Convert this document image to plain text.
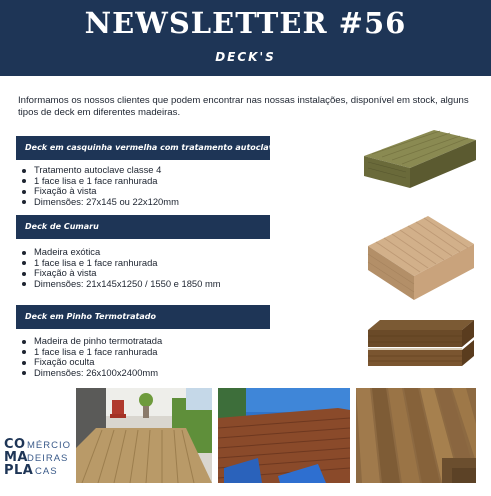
NEWSLETTER #56
DECK'S
Informamos os nossos clientes que podem encontrar nas nossas instalações, disponível em stock, alguns tipos de deck em diferentes madeiras.
Deck em casquinha vermelha com tratamento autoclave
Tratamento autoclave classe 4
1 face lisa e 1 face ranhurada
Fixação à vista
Dimensões: 27x145 ou 22x120mm
Deck de Cumaru
Madeira exótica
1 face lisa e 1 face ranhurada
Fixação à vista
Dimensões: 21x145x1250 / 1550 e 1850 mm
Deck em Pinho Termotratado
Madeira de pinho termotratada
1 face lisa e 1 face ranhurada
Fixação oculta
Dimensões: 26x100x2400mm
CO MÉRCIO
MA DEIRAS
PLA CAS
